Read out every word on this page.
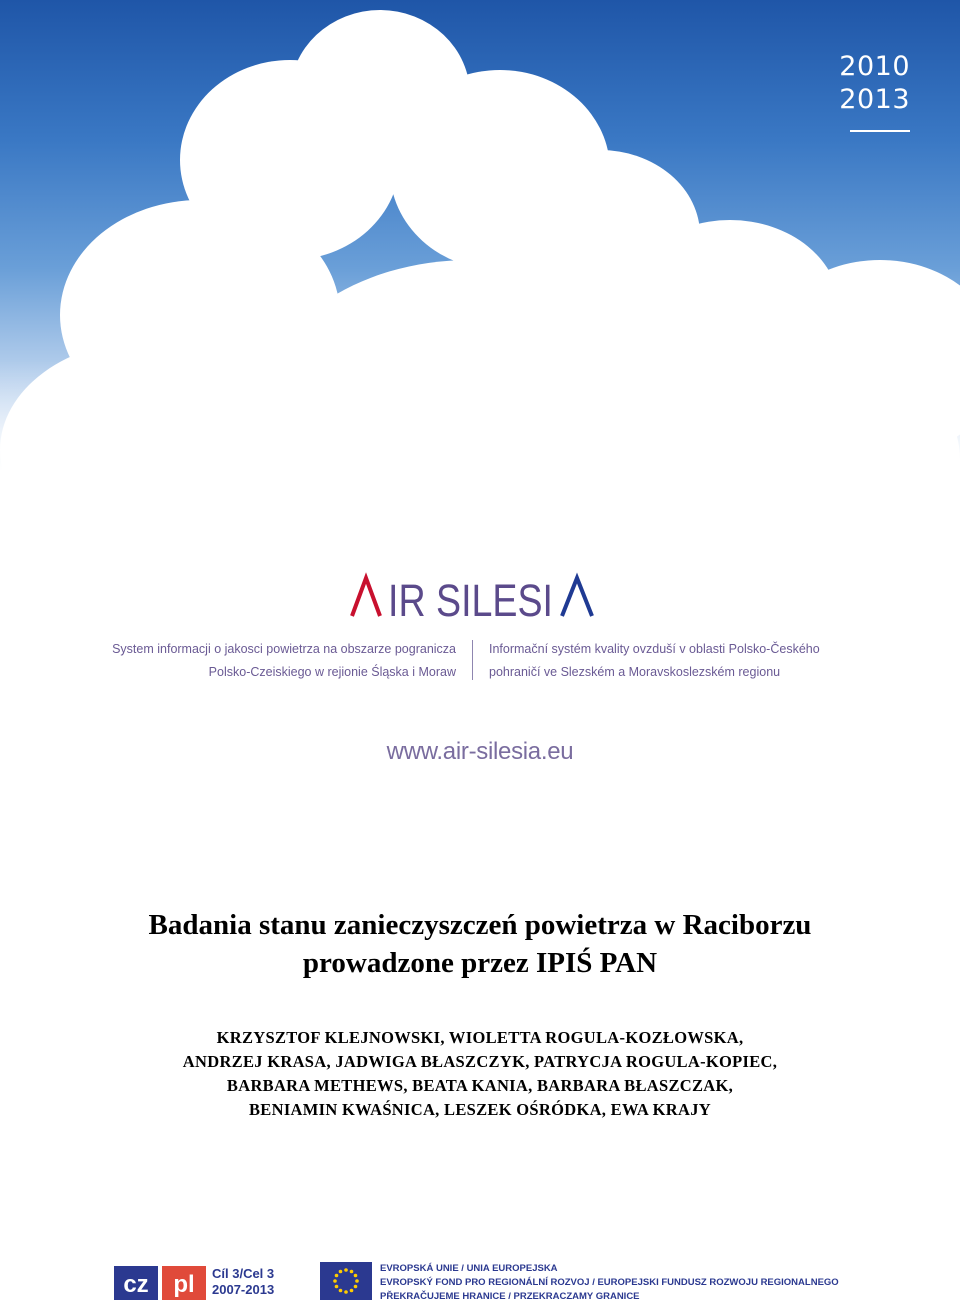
2010
2013
IR SILESI
System informacji o jakosci powietrza na obszarze pogranicza
Polsko-Czeiskiego w rejionie Śląska i Moraw
Informační systém kvality ovzduší v oblasti Polsko-Českého
pohraničí ve Slezském a Moravskoslezském regionu
www.air-silesia.eu
Badania stanu zanieczyszczeń powietrza w Raciborzu
prowadzone przez IPIŚ PAN
KRZYSZTOF KLEJNOWSKI, WIOLETTA ROGULA-KOZŁOWSKA,
ANDRZEJ KRASA, JADWIGA BŁASZCZYK, PATRYCJA ROGULA-KOPIEC,
BARBARA METHEWS, BEATA KANIA, BARBARA BŁASZCZAK,
BENIAMIN KWAŚNICA, LESZEK OŚRÓDKA, EWA KRAJY
cz pl Cíl 3/Cel 3
2007-2013
EVROPSKÁ UNIE / UNIA EUROPEJSKA
EVROPSKÝ FOND PRO REGIONÁLNÍ ROZVOJ / EUROPEJSKI FUNDUSZ ROZWOJU REGIONALNEGO
PŘEKRAČUJEME HRANICE / PRZEKRACZAMY GRANICE
